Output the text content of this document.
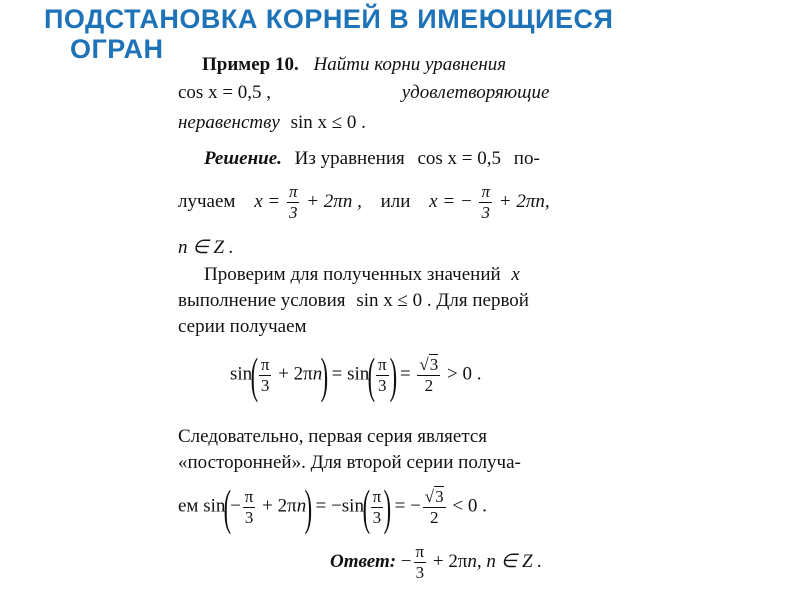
ПОДСТАНОВКА КОРНЕЙ В ИМЕЮЩИЕСЯ
ОГРАН
Пример 10. Найти корни уравнения
cos x = 0,5 ,	удовлетворяющие
неравенству sin x ≤ 0 .
Решение. Из уравнения cos x = 0,5 по-
лучаем $x = \frac{\pi}{3} + 2\pi n$ , или x = − $\frac{\pi}{3} + 2\pi n$,
n ∈ Z .
Проверим для полученных значений x
выполнение условия sin x ≤ 0 . Для первой
серии получаем
$\sin( \frac{\pi}{3} + 2\pi n) = \sin( \frac{\pi}{3}$ ) = $\frac{√3}{2} > 0$ .
Следовательно, первая серия является
«посторонней». Для второй серии получа-
ем $\sin(- \frac{\pi}{3} + 2\pi n) = -\sin( \frac{\pi}{3}$ ) = − $\frac{√3}{2} < 0$ .
Ответ: − $\frac{\pi}{3} + 2\pi n$, n ∈ Z .
